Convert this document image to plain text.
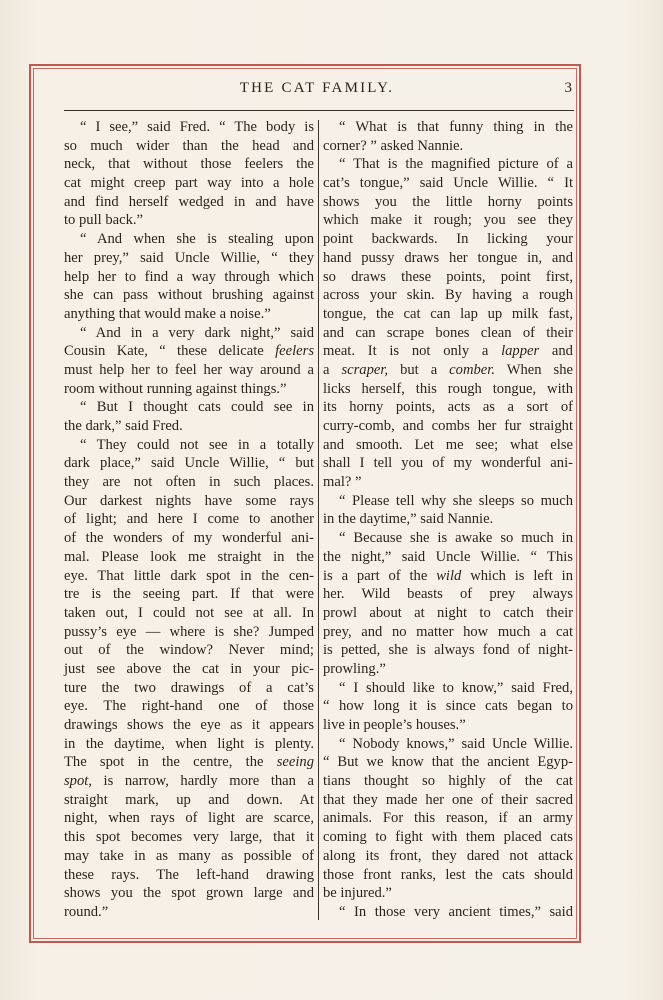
THE CAT FAMILY.	3
“ I see,” said Fred. “ The body is
so much wider than the head and
neck, that without those feelers the
cat might creep part way into a hole
and find herself wedged in and have
to pull back.”
“ And when she is stealing upon
her prey,” said Uncle Willie, “ they
help her to find a way through which
she can pass without brushing against
anything that would make a noise.”
“ And in a very dark night,” said
Cousin Kate, “ these delicate feelers
must help her to feel her way around a
room without running against things.”
“ But I thought cats could see in
the dark,” said Fred.
“ They could not see in a totally
dark place,” said Uncle Willie, “ but
they are not often in such places.
Our darkest nights have some rays
of light; and here I come to another
of the wonders of my wonderful ani-
mal. Please look me straight in the
eye. That little dark spot in the cen-
tre is the seeing part. If that were
taken out, I could not see at all. In
pussy’s eye — where is she? Jumped
out of the window? Never mind;
just see above the cat in your pic-
ture the two drawings of a cat’s
eye. The right-hand one of those
drawings shows the eye as it appears
in the daytime, when light is plenty.
The spot in the centre, the seeing
spot, is narrow, hardly more than a
straight mark, up and down. At
night, when rays of light are scarce,
this spot becomes very large, that it
may take in as many as possible of
these rays. The left-hand drawing
shows you the spot grown large and
round.”
“ What is that funny thing in the
corner? ” asked Nannie.
“ That is the magnified picture of a
cat’s tongue,” said Uncle Willie. “ It
shows you the little horny points
which make it rough; you see they
point backwards. In licking your
hand pussy draws her tongue in, and
so draws these points, point first,
across your skin. By having a rough
tongue, the cat can lap up milk fast,
and can scrape bones clean of their
meat. It is not only a lapper and
a scraper, but a comber. When she
licks herself, this rough tongue, with
its horny points, acts as a sort of
curry-comb, and combs her fur straight
and smooth. Let me see; what else
shall I tell you of my wonderful ani-
mal? ”
“ Please tell why she sleeps so much
in the daytime,” said Nannie.
“ Because she is awake so much in
the night,” said Uncle Willie. “ This
is a part of the wild which is left in
her. Wild beasts of prey always
prowl about at night to catch their
prey, and no matter how much a cat
is petted, she is always fond of night-
prowling.”
“ I should like to know,” said Fred,
“ how long it is since cats began to
live in people’s houses.”
“ Nobody knows,” said Uncle Willie.
“ But we know that the ancient Egyp-
tians thought so highly of the cat
that they made her one of their sacred
animals. For this reason, if an army
coming to fight with them placed cats
along its front, they dared not attack
those front ranks, lest the cats should
be injured.”
“ In those very ancient times,” said
